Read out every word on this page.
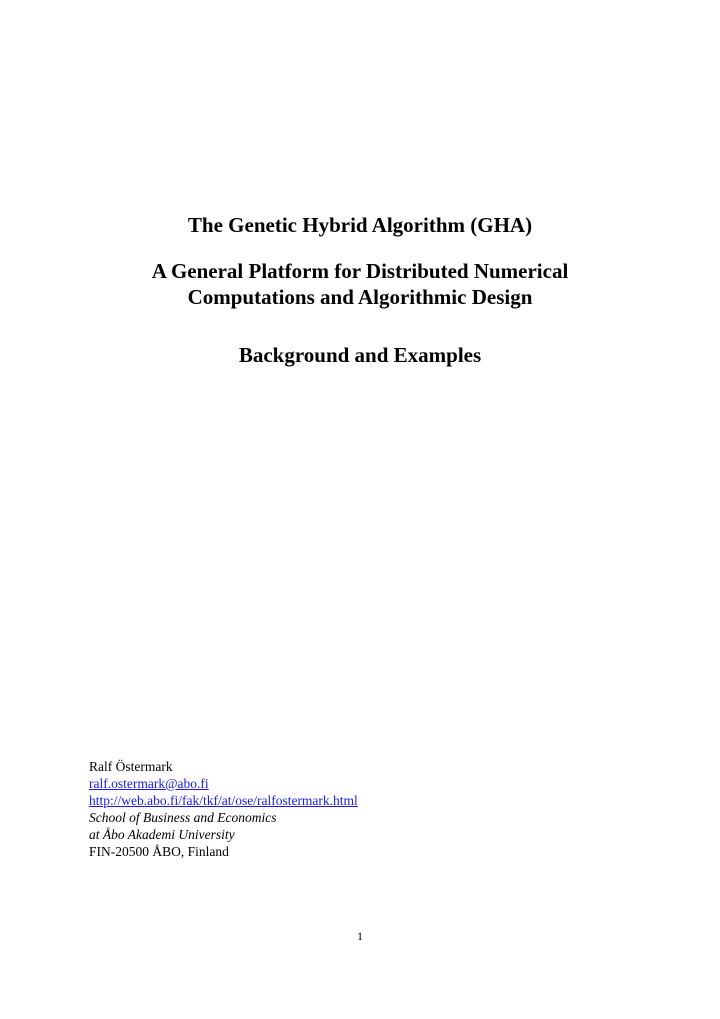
The Genetic Hybrid Algorithm (GHA)
A General Platform for Distributed Numerical
Computations and Algorithmic Design
Background and Examples
Ralf Östermark
ralf.ostermark@abo.fi
http://web.abo.fi/fak/tkf/at/ose/ralfostermark.html
School of Business and Economics
at Åbo Akademi University
FIN-20500 ÅBO, Finland
1
